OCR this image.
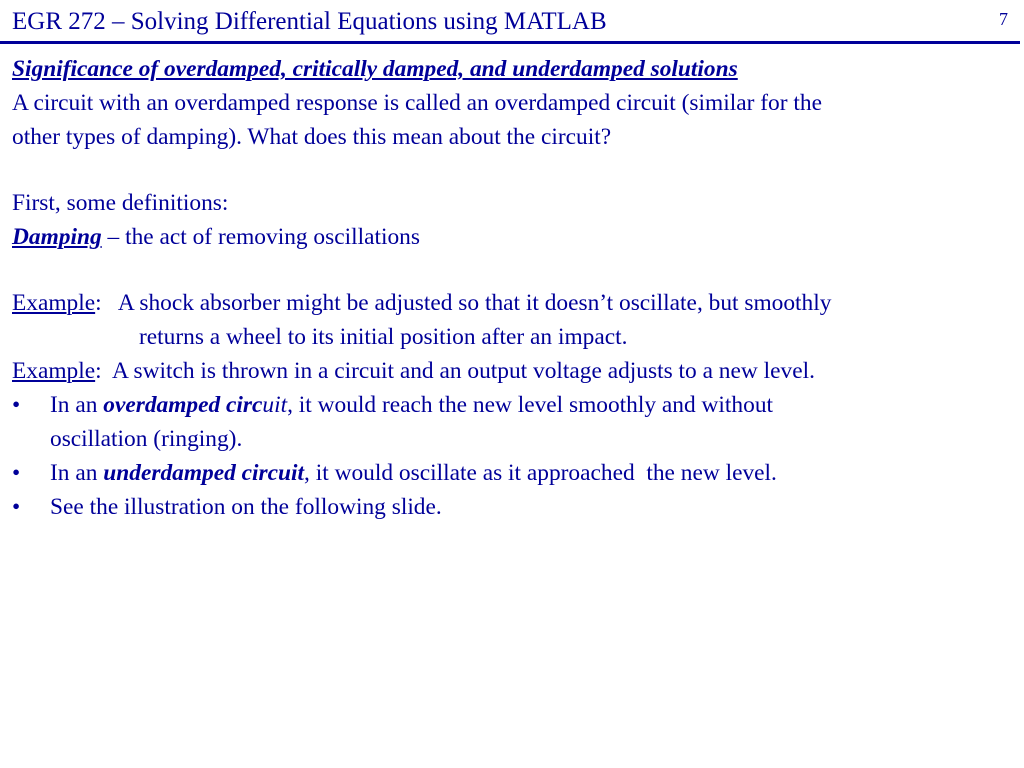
EGR 272 – Solving Differential Equations using MATLAB	7
Significance of overdamped, critically damped, and underdamped solutions
A circuit with an overdamped response is called an overdamped circuit (similar for the
other types of damping). What does this mean about the circuit?
First, some definitions:
Damping – the act of removing oscillations
Example:   A shock absorber might be adjusted so that it doesn’t oscillate, but smoothly
returns a wheel to its initial position after an impact.
Example:  A switch is thrown in a circuit and an output voltage adjusts to a new level.
• In an overdamped circuit, it would reach the new level smoothly and without
oscillation (ringing).
• In an underdamped circuit, it would oscillate as it approached  the new level.
• See the illustration on the following slide.
